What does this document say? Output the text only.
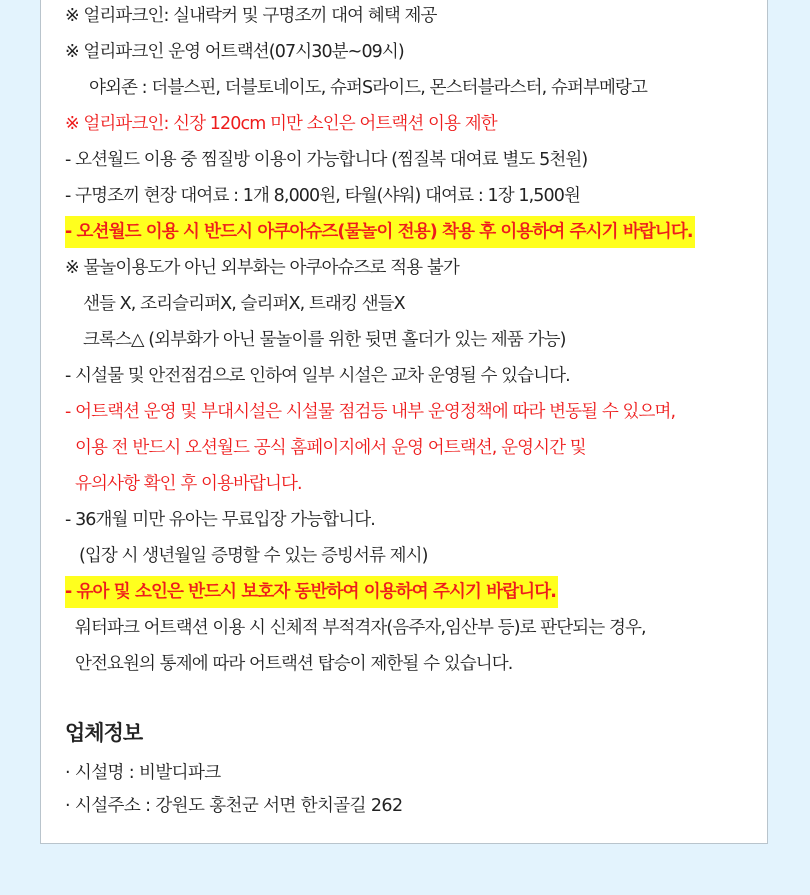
※ 얼리파크인: 실내락커 및 구명조끼 대여 혜택 제공
※ 얼리파크인 운영 어트랙션(07시30분~09시)
야외존 : 더블스핀, 더블토네이도, 슈퍼S라이드, 몬스터블라스터, 슈퍼부메랑고
※ 얼리파크인: 신장 120cm 미만 소인은 어트랙션 이용 제한
- 오션월드 이용 중 찜질방 이용이 가능합니다 (찜질복 대여료 별도 5천원)
- 구명조끼 현장 대여료 : 1개 8,000원, 타월(샤워) 대여료 : 1장 1,500원
- 오션월드 이용 시 반드시 아쿠아슈즈(물놀이 전용) 착용 후 이용하여 주시기 바랍니다.
※ 물놀이용도가 아닌 외부화는 아쿠아슈즈로 적용 불가
샌들 X, 조리슬리퍼X, 슬리퍼X, 트래킹 샌들X
크록스△ (외부화가 아닌 물놀이를 위한 뒷면 홀더가 있는 제품 가능)
- 시설물 및 안전점검으로 인하여 일부 시설은 교차 운영될 수 있습니다.
- 어트랙션 운영 및 부대시설은 시설물 점검등 내부 운영정책에 따라 변동될 수 있으며,
이용 전 반드시 오션월드 공식 홈페이지에서 운영 어트랙션, 운영시간 및
유의사항 확인 후 이용바랍니다.
- 36개월 미만 유아는 무료입장 가능합니다.
(입장 시 생년월일 증명할 수 있는 증빙서류 제시)
- 유아 및 소인은 반드시 보호자 동반하여 이용하여 주시기 바랍니다.
워터파크 어트랙션 이용 시 신체적 부적격자(음주자,임산부 등)로 판단되는 경우,
안전요원의 통제에 따라 어트랙션 탑승이 제한될 수 있습니다.
업체정보
· 시설명 : 비발디파크
· 시설주소 : 강원도 홍천군 서면 한치골길 262
